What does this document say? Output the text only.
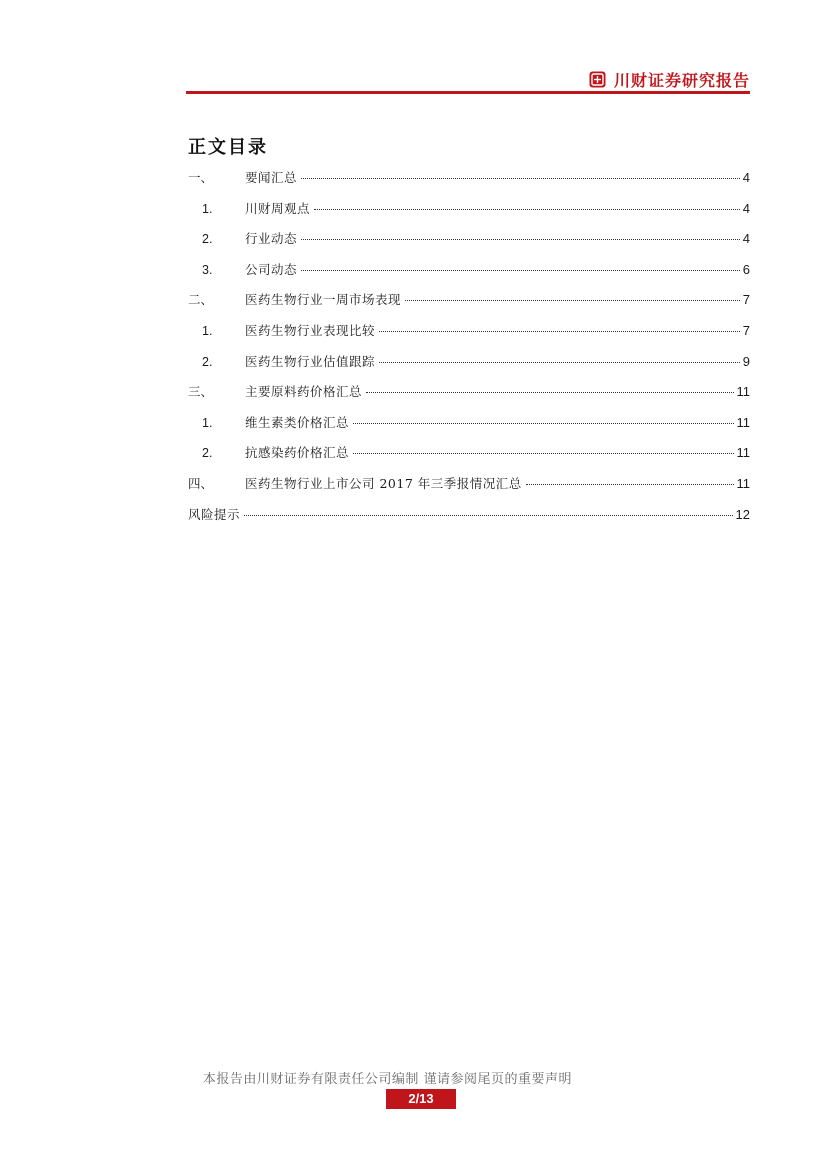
川财证券研究报告
正文目录
一、	要闻汇总	4
1.	川财周观点	4
2.	行业动态	4
3.	公司动态	6
二、	医药生物行业一周市场表现	7
1.	医药生物行业表现比较	7
2.	医药生物行业估值跟踪	9
三、	主要原料药价格汇总	11
1.	维生素类价格汇总	11
2.	抗感染药价格汇总	11
四、	医药生物行业上市公司 2017 年三季报情况汇总	11
风险提示	12
本报告由川财证券有限责任公司编制 谨请参阅尾页的重要声明
2/13
